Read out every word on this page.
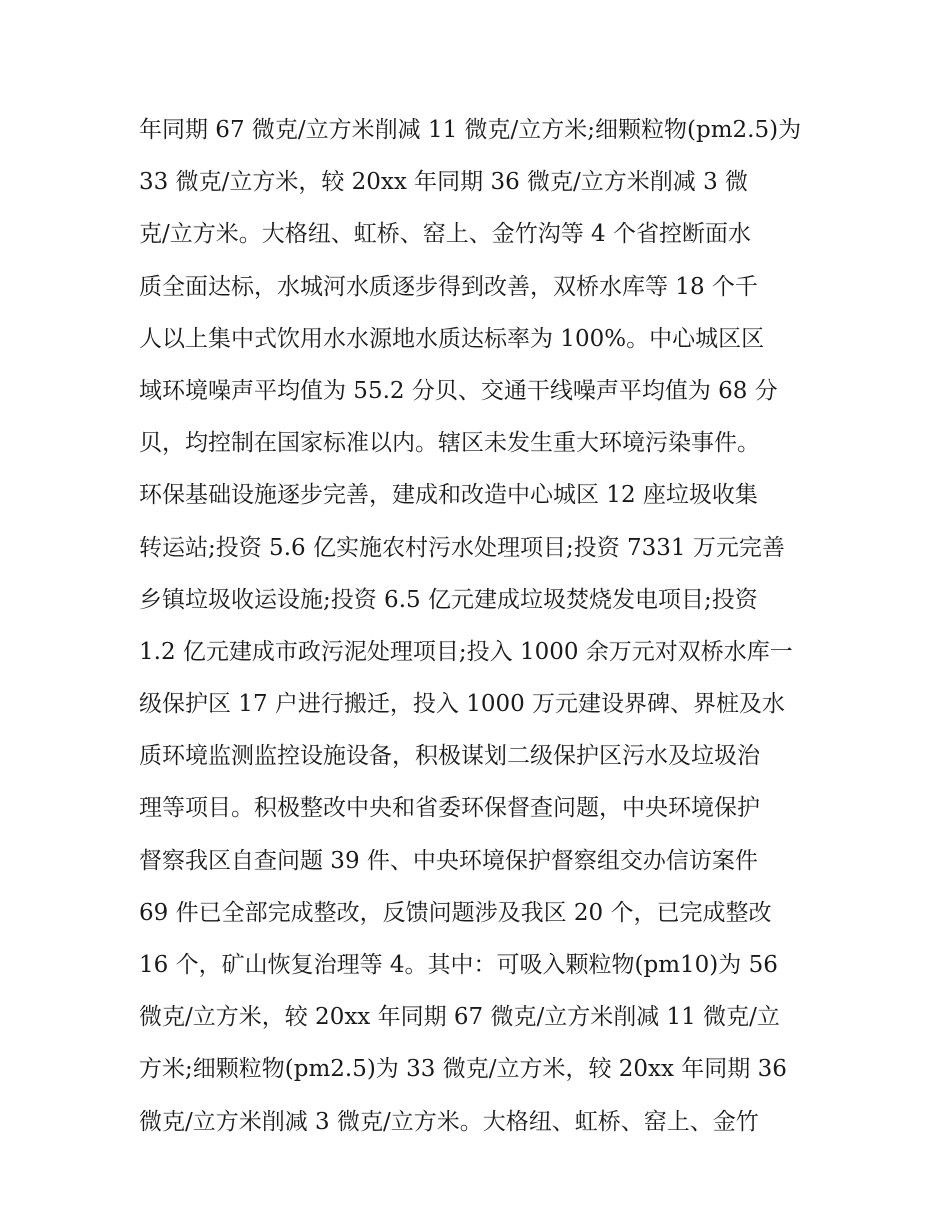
年同期 67 微克/立方米削减 11 微克/立方米;细颗粒物(pm2.5)为
33 微克/立方米，较 20xx 年同期 36 微克/立方米削减 3 微
克/立方米。大格纽、虹桥、窑上、金竹沟等 4 个省控断面水
质全面达标，水城河水质逐步得到改善，双桥水库等 18 个千
人以上集中式饮用水水源地水质达标率为 100%。中心城区区
域环境噪声平均值为 55.2 分贝、交通干线噪声平均值为 68 分
贝，均控制在国家标准以内。辖区未发生重大环境污染事件。
环保基础设施逐步完善，建成和改造中心城区 12 座垃圾收集
转运站;投资 5.6 亿实施农村污水处理项目;投资 7331 万元完善
乡镇垃圾收运设施;投资 6.5 亿元建成垃圾焚烧发电项目;投资
1.2 亿元建成市政污泥处理项目;投入 1000 余万元对双桥水库一
级保护区 17 户进行搬迁，投入 1000 万元建设界碑、界桩及水
质环境监测监控设施设备，积极谋划二级保护区污水及垃圾治
理等项目。积极整改中央和省委环保督查问题，中央环境保护
督察我区自查问题 39 件、中央环境保护督察组交办信访案件
69 件已全部完成整改，反馈问题涉及我区 20 个，已完成整改
16 个，矿山恢复治理等 4。其中：可吸入颗粒物(pm10)为 56
微克/立方米，较 20xx 年同期 67 微克/立方米削减 11 微克/立
方米;细颗粒物(pm2.5)为 33 微克/立方米，较 20xx 年同期 36
微克/立方米削减 3 微克/立方米。大格纽、虹桥、窑上、金竹
